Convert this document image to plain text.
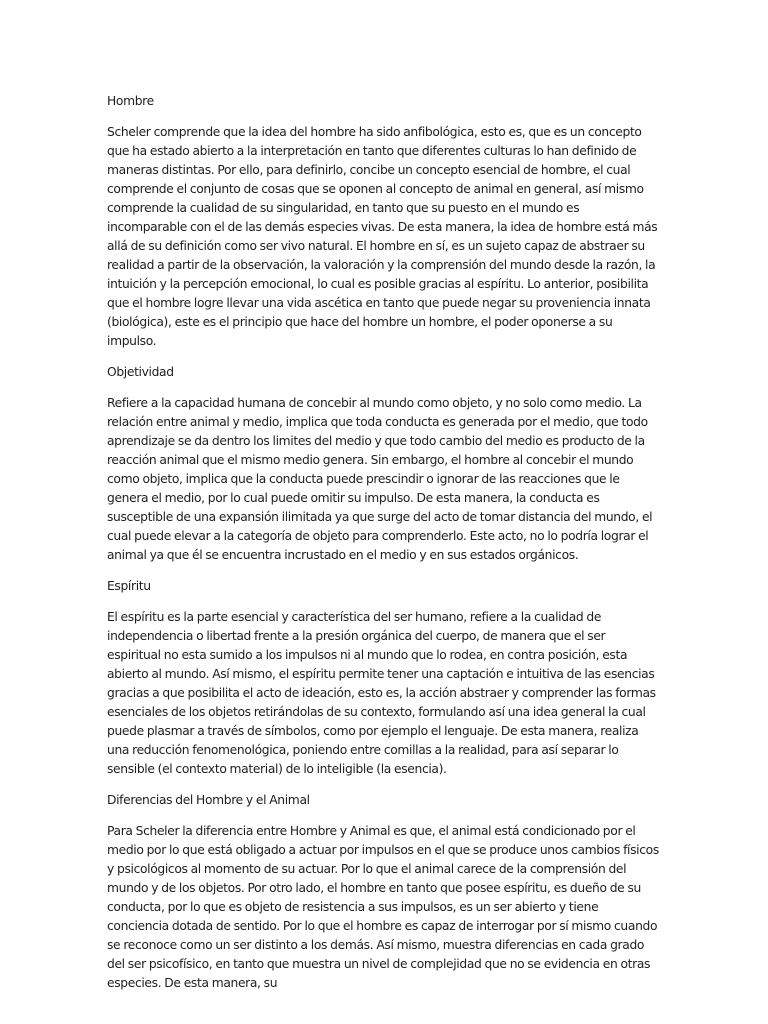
Hombre
Scheler comprende que la idea del hombre ha sido anfibológica, esto es, que es un concepto que ha estado abierto a la interpretación en tanto que diferentes culturas lo han definido de maneras distintas. Por ello, para definirlo, concibe un concepto esencial de hombre, el cual comprende el conjunto de cosas que se oponen al concepto de animal en general, así mismo comprende la cualidad de su singularidad, en tanto que su puesto en el mundo es incomparable con el de las demás especies vivas. De esta manera, la idea de hombre está más allá de su definición como ser vivo natural. El hombre en sí, es un sujeto capaz de abstraer su realidad a partir de la observación, la valoración y la comprensión del mundo desde la razón, la intuición y la percepción emocional, lo cual es posible gracias al espíritu. Lo anterior, posibilita que el hombre logre llevar una vida ascética en tanto que puede negar su proveniencia innata (biológica), este es el principio que hace del hombre un hombre, el poder oponerse a su impulso.
Objetividad
Refiere a la capacidad humana de concebir al mundo como objeto, y no solo como medio. La relación entre animal y medio, implica que toda conducta es generada por el medio, que todo aprendizaje se da dentro los limites del medio y que todo cambio del medio es producto de la reacción animal que el mismo medio genera. Sin embargo, el hombre al concebir el mundo como objeto, implica que la conducta puede prescindir o ignorar de las reacciones que le genera el medio, por lo cual puede omitir su impulso. De esta manera, la conducta es susceptible de una expansión ilimitada ya que surge del acto de tomar distancia del mundo, el cual puede elevar a la categoría de objeto para comprenderlo. Este acto, no lo podría lograr el animal ya que él se encuentra incrustado en el medio y en sus estados orgánicos.
Espíritu
El espíritu es la parte esencial y característica del ser humano, refiere a la cualidad de independencia o libertad frente a la presión orgánica del cuerpo, de manera que el ser espiritual no esta sumido a los impulsos ni al mundo que lo rodea, en contra posición, esta abierto al mundo. Así mismo, el espíritu permite tener una captación e intuitiva de las esencias gracias a que posibilita el acto de ideación, esto es, la acción abstraer y comprender las formas esenciales de los objetos retirándolas de su contexto, formulando así una idea general la cual puede plasmar a través de símbolos, como por ejemplo el lenguaje. De esta manera, realiza una reducción fenomenológica, poniendo entre comillas a la realidad, para así separar lo sensible (el contexto material) de lo inteligible (la esencia).
Diferencias del Hombre y el Animal
Para Scheler la diferencia entre Hombre y Animal es que, el animal está condicionado por el medio por lo que está obligado a actuar por impulsos en el que se produce unos cambios físicos y psicológicos al momento de su actuar. Por lo que el animal carece de la comprensión del mundo y de los objetos. Por otro lado, el hombre en tanto que posee espíritu, es dueño de su conducta, por lo que es objeto de resistencia a sus impulsos, es un ser abierto y tiene conciencia dotada de sentido. Por lo que el hombre es capaz de interrogar por sí mismo cuando se reconoce como un ser distinto a los demás. Así mismo, muestra diferencias en cada grado del ser psicofísico, en tanto que muestra un nivel de complejidad que no se evidencia en otras especies. De esta manera, su
